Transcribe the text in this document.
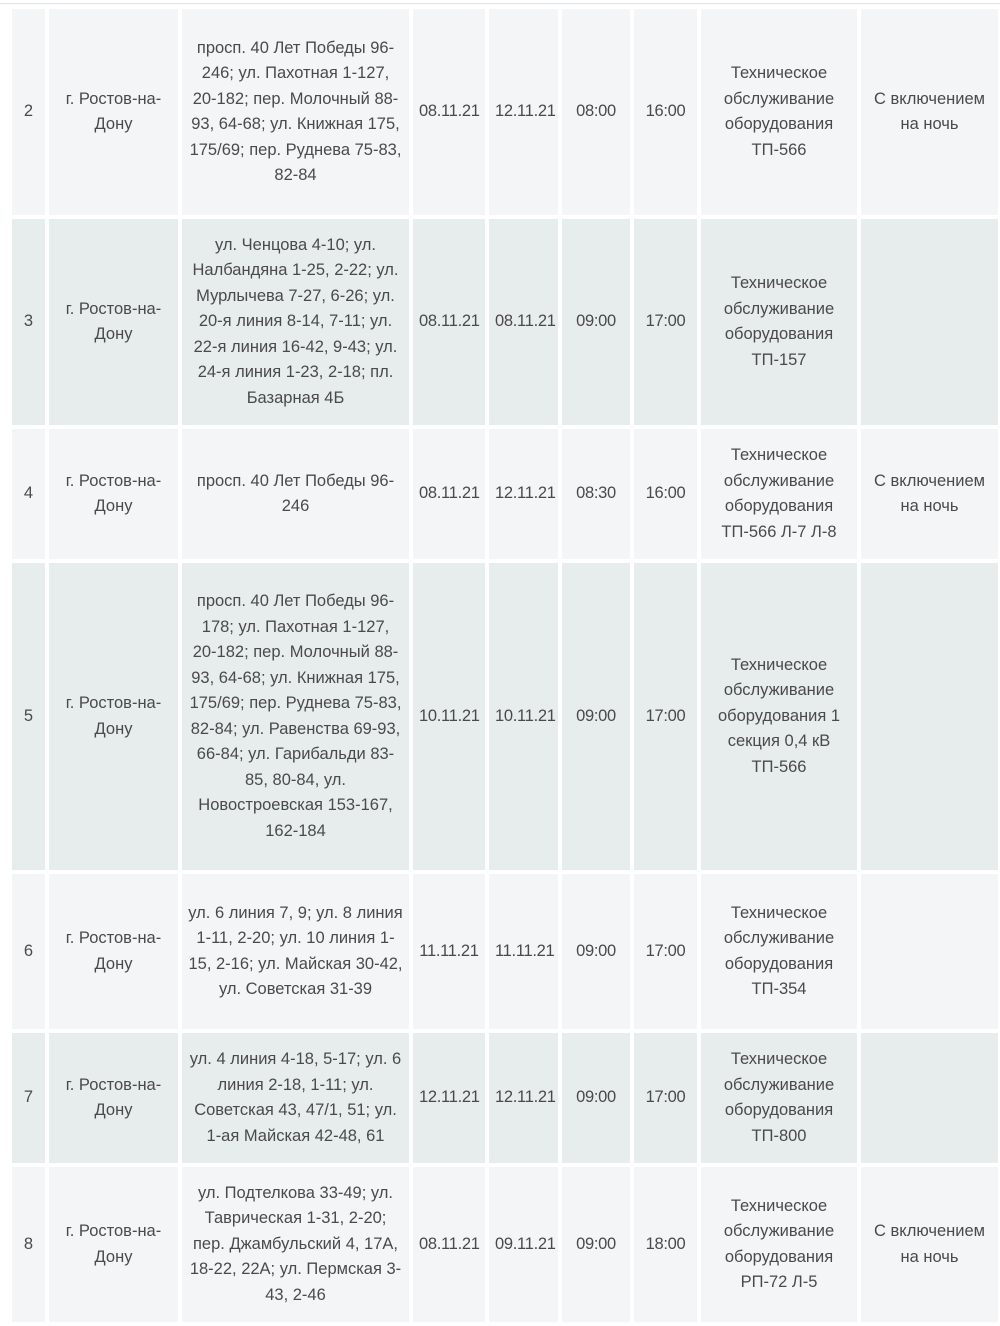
2	г. Ростов-на-Дону	просп. 40 Лет Победы 96-246; ул. Пахотная 1-127, 20-182; пер. Молочный 88-93, 64-68; ул. Книжная 175, 175/69; пер. Руднева 75-83, 82-84	08.11.21	12.11.21	08:00	16:00	Техническое обслуживание оборудования ТП-566	С включением на ночь
3	г. Ростов-на-Дону	ул. Ченцова 4-10; ул. Налбандяна 1-25, 2-22; ул. Мурлычева 7-27, 6-26; ул. 20-я линия 8-14, 7-11; ул. 22-я линия 16-42, 9-43; ул. 24-я линия 1-23, 2-18; пл. Базарная 4Б	08.11.21	08.11.21	09:00	17:00	Техническое обслуживание оборудования ТП-157	
4	г. Ростов-на-Дону	просп. 40 Лет Победы 96-246	08.11.21	12.11.21	08:30	16:00	Техническое обслуживание оборудования ТП-566 Л-7 Л-8	С включением на ночь
5	г. Ростов-на-Дону	просп. 40 Лет Победы 96-178; ул. Пахотная 1-127, 20-182; пер. Молочный 88-93, 64-68; ул. Книжная 175, 175/69; пер. Руднева 75-83, 82-84; ул. Равенства 69-93, 66-84; ул. Гарибальди 83-85, 80-84, ул. Новостроевская 153-167, 162-184	10.11.21	10.11.21	09:00	17:00	Техническое обслуживание оборудования 1 секция 0,4 кВ ТП-566	
6	г. Ростов-на-Дону	ул. 6 линия 7, 9; ул. 8 линия 1-11, 2-20; ул. 10 линия 1-15, 2-16; ул. Майская 30-42, ул. Советская 31-39	11.11.21	11.11.21	09:00	17:00	Техническое обслуживание оборудования ТП-354	
7	г. Ростов-на-Дону	ул. 4 линия 4-18, 5-17; ул. 6 линия 2-18, 1-11; ул. Советская 43, 47/1, 51; ул. 1-ая Майская 42-48, 61	12.11.21	12.11.21	09:00	17:00	Техническое обслуживание оборудования ТП-800	
8	г. Ростов-на-Дону	ул. Подтелкова 33-49; ул. Таврическая 1-31, 2-20; пер. Джамбульский 4, 17А, 18-22, 22А; ул. Пермская 3-43, 2-46	08.11.21	09.11.21	09:00	18:00	Техническое обслуживание оборудования РП-72 Л-5	С включением на ночь
